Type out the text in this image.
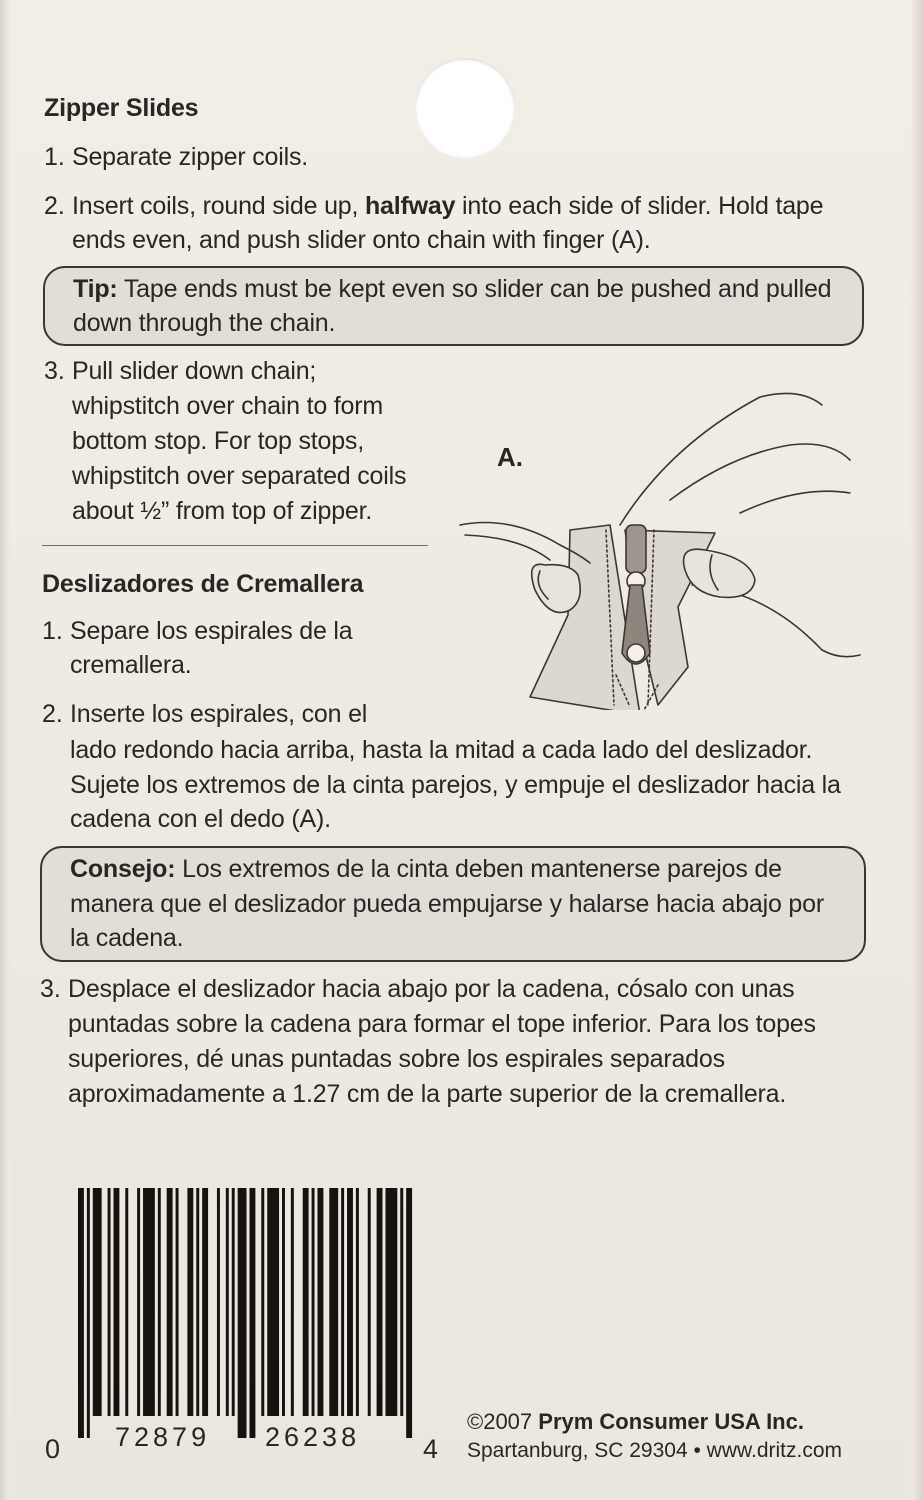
Zipper Slides
1. Separate zipper coils.
2. Insert coils, round side up, halfway into each side of slider. Hold tape
ends even, and push slider onto chain with finger (A).
Tip: Tape ends must be kept even so slider can be pushed and pulled
down through the chain.
3. Pull slider down chain;
whipstitch over chain to form
bottom stop. For top stops,
whipstitch over separated coils
about ½” from top of zipper.
A.
Deslizadores de Cremallera
1. Separe los espirales de la
cremallera.
2. Inserte los espirales, con el
lado redondo hacia arriba, hasta la mitad a cada lado del deslizador.
Sujete los extremos de la cinta parejos, y empuje el deslizador hacia la
cadena con el dedo (A).
Consejo: Los extremos de la cinta deben mantenerse parejos de
manera que el deslizador pueda empujarse y halarse hacia abajo por
la cadena.
3. Desplace el deslizador hacia abajo por la cadena, cósalo con unas
puntadas sobre la cadena para formar el tope inferior. Para los topes
superiores, dé unas puntadas sobre los espirales separados
aproximadamente a 1.27 cm de la parte superior de la cremallera.
0 72879 26238 4
©2007 Prym Consumer USA Inc.
Spartanburg, SC 29304 • www.dritz.com
